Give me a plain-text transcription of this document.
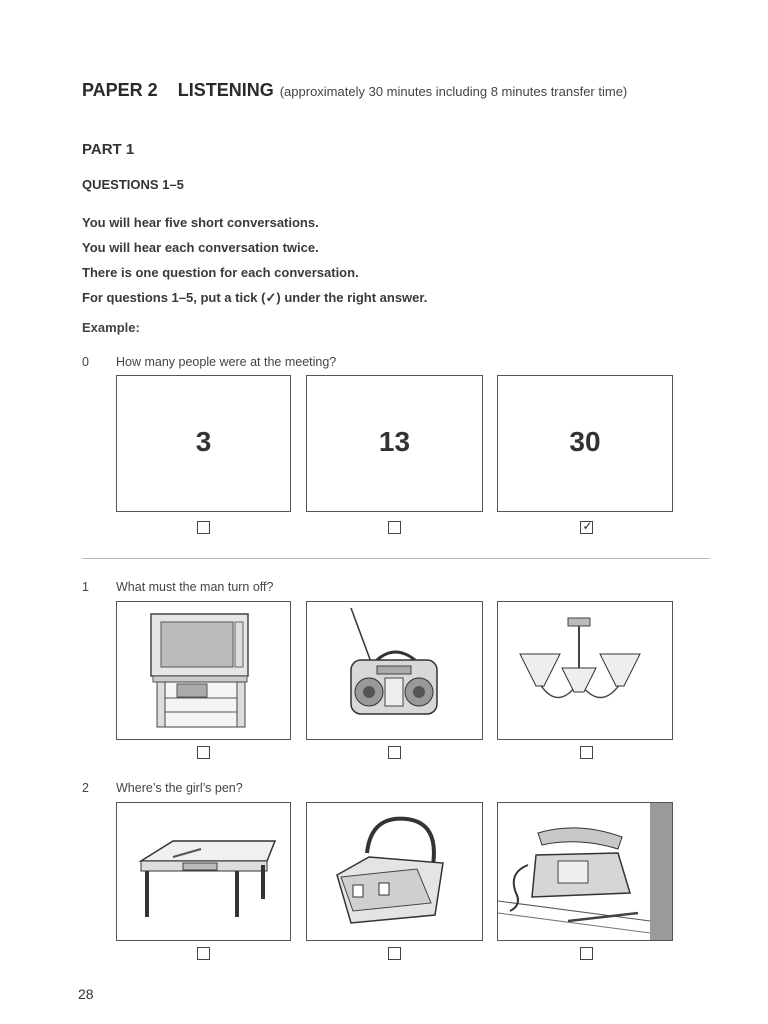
PAPER 2 LISTENING (approximately 30 minutes including 8 minutes transfer time)
PART 1
QUESTIONS 1–5
You will hear five short conversations.
You will hear each conversation twice.
There is one question for each conversation.
For questions 1–5, put a tick (✓) under the right answer.
Example:
0 How many people were at the meeting?
3	13	30
✓
1 What must the man turn off?
2 Where’s the girl’s pen?
28
